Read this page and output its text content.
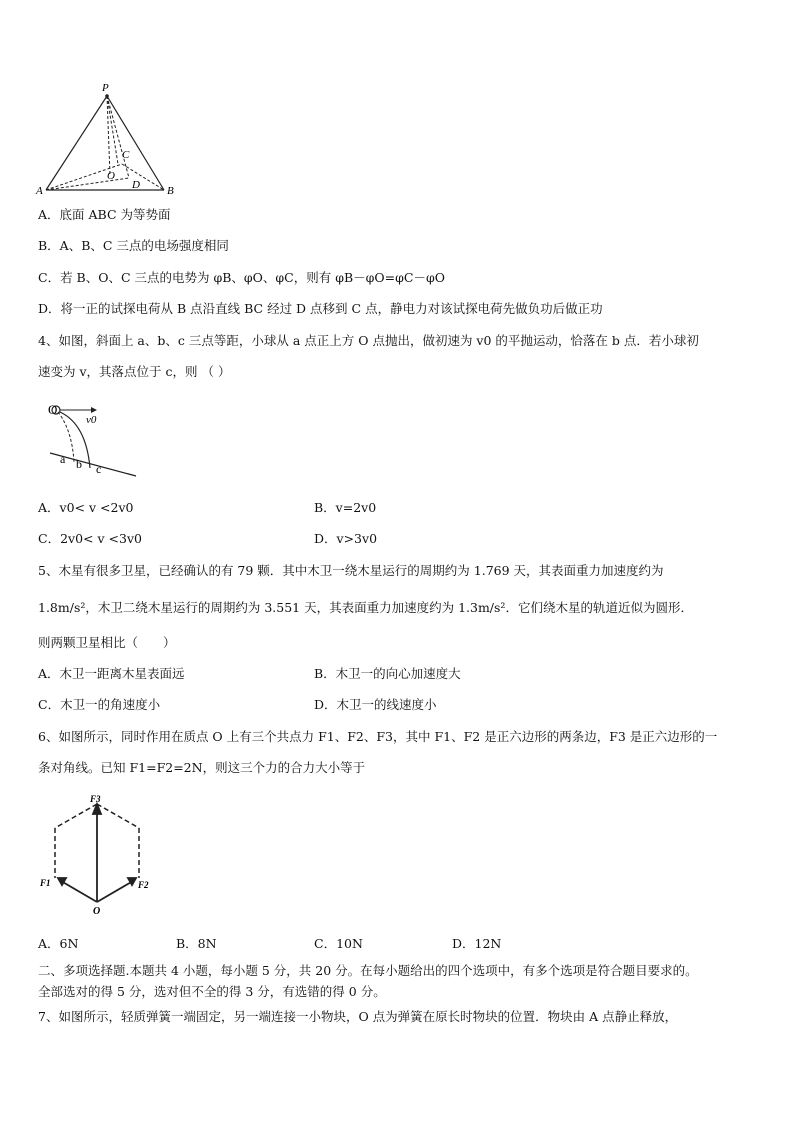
P
A	B
C
O
D
A．底面 ABC 为等势面
B．A、B、C 三点的电场强度相同
C．若 B、O、C 三点的电势为 φB、φO、φC，则有 φB－φO=φC－φO
D．将一正的试探电荷从 B 点沿直线 BC 经过 D 点移到 C 点，静电力对该试探电荷先做负功后做正功
4、如图，斜面上 a、b、c 三点等距，小球从 a 点正上方 O 点抛出，做初速为 v0 的平抛运动，恰落在 b 点．若小球初
速变为 v，其落点位于 c，则 （ ）
O
v0
a b c
A．v0< v <2v0	B．v=2v0
C．2v0< v <3v0	D．v>3v0
5、木星有很多卫星，已经确认的有 79 颗．其中木卫一绕木星运行的周期约为 1.769 天，其表面重力加速度约为
1.8m/s²，木卫二绕木星运行的周期约为 3.551 天，其表面重力加速度约为 1.3m/s²．它们绕木星的轨道近似为圆形．
则两颗卫星相比（　　）
A．木卫一距离木星表面远	B．木卫一的向心加速度大
C．木卫一的角速度小	D．木卫一的线速度小
6、如图所示，同时作用在质点 O 上有三个共点力 F1、F2、F3，其中 F1、F2 是正六边形的两条边，F3 是正六边形的一
条对角线。已知 F1=F2=2N，则这三个力的合力大小等于
F3
F1	F2
O
A．6N	B．8N	C．10N	D．12N
二、多项选择题.本题共 4 小题，每小题 5 分，共 20 分。在每小题给出的四个选项中，有多个选项是符合题目要求的。
全部选对的得 5 分，选对但不全的得 3 分，有选错的得 0 分。
7、如图所示，轻质弹簧一端固定，另一端连接一小物块，O 点为弹簧在原长时物块的位置．物块由 A 点静止释放，
